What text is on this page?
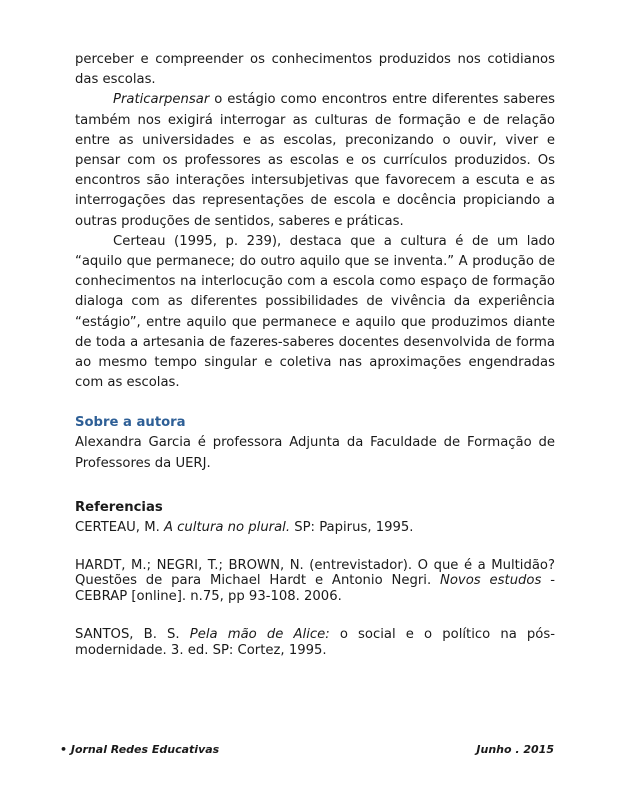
perceber e compreender os conhecimentos produzidos nos cotidianos das escolas.

Praticarpensar o estágio como encontros entre diferentes saberes também nos exigirá interrogar as culturas de formação e de relação entre as universidades e as escolas, preconizando o ouvir, viver e pensar com os professores as escolas e os currículos produzidos. Os encontros são interações intersubjetivas que favorecem a escuta e as interrogações das representações de escola e docência propiciando a outras produções de sentidos, saberes e práticas.

Certeau (1995, p. 239), destaca que a cultura é de um lado “aquilo que permanece; do outro aquilo que se inventa.” A produção de conhecimentos na interlocução com a escola como espaço de formação dialoga com as diferentes possibilidades de vivência da experiência “estágio”, entre aquilo que permanece e aquilo que produzimos diante de toda a artesania de fazeres-saberes docentes desenvolvida de forma ao mesmo tempo singular e coletiva nas aproximações engendradas com as escolas.

Sobre a autora

Alexandra Garcia é professora Adjunta da Faculdade de Formação de Professores da UERJ.

Referencias

CERTEAU, M. A cultura no plural. SP: Papirus, 1995.

HARDT, M.; NEGRI, T.; BROWN, N. (entrevistador). O que é a Multidão? Questões de para Michael Hardt e Antonio Negri. Novos estudos - CEBRAP [online]. n.75, pp 93-108. 2006.

SANTOS, B. S. Pela mão de Alice: o social e o político na pós-modernidade. 3. ed. SP: Cortez, 1995.

• Jornal Redes Educativas	Junho . 2015
